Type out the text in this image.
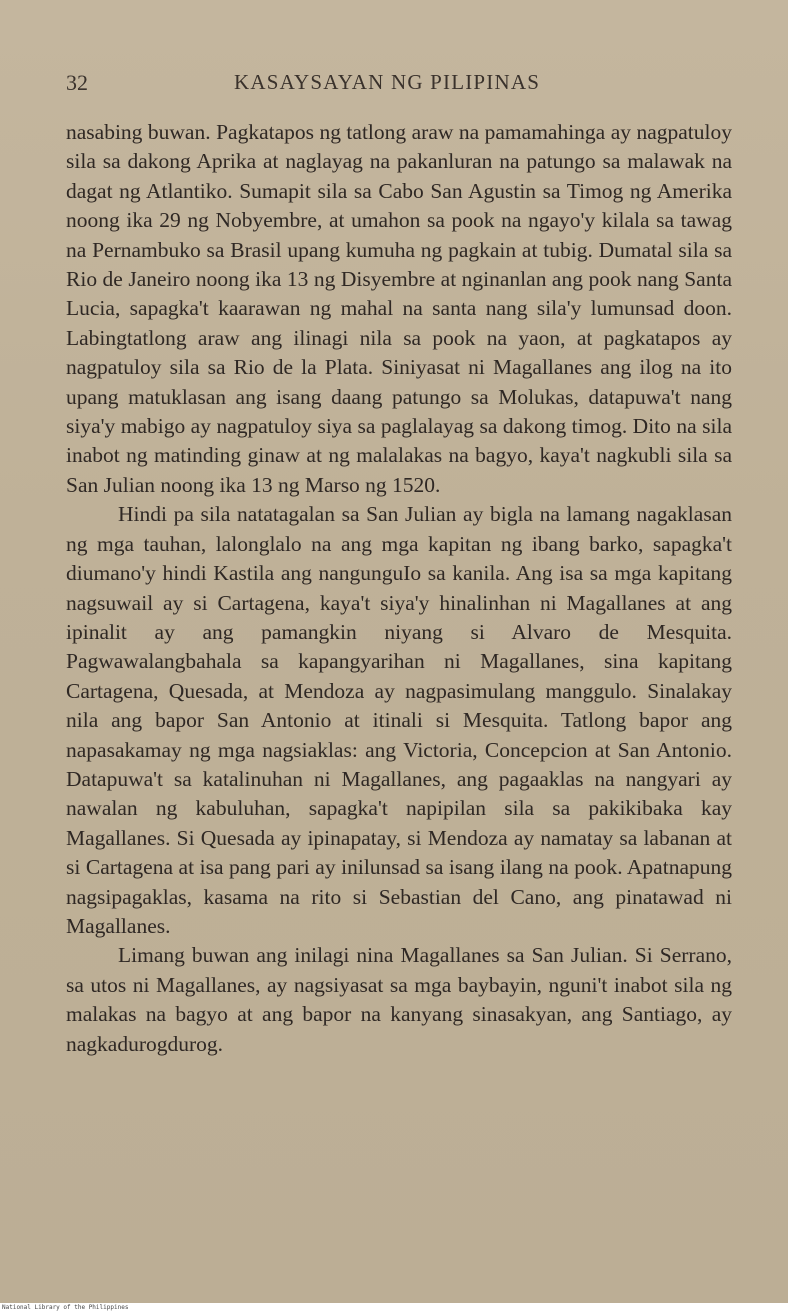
32	KASAYSAYAN NG PILIPINAS

nasabing buwan. Pagkatapos ng tatlong araw na pamamahinga ay nagpatuloy sila sa dakong Aprika at naglayag na pakanluran na patungo sa malawak na dagat ng Atlantiko. Sumapit sila sa Cabo San Agustin sa Timog ng Amerika noong ika 29 ng Nobyembre, at umahon sa pook na ngayo'y kilala sa tawag na Pernambuko sa Brasil upang kumuha ng pagkain at tubig. Dumatal sila sa Rio de Janeiro noong ika 13 ng Disyembre at nginanlan ang pook nang Santa Lucia, sapagka't kaarawan ng mahal na santa nang sila'y lumunsad doon. Labingtatlong araw ang ilinagi nila sa pook na yaon, at pagkatapos ay nagpatuloy sila sa Rio de la Plata. Siniyasat ni Magallanes ang ilog na ito upang matuklasan ang isang daang patungo sa Molukas, datapuwa't nang siya'y mabigo ay nagpatuloy siya sa paglalayag sa dakong timog. Dito na sila inabot ng matinding ginaw at ng malalakas na bagyo, kaya't nagkubli sila sa San Julian noong ika 13 ng Marso ng 1520.

Hindi pa sila natatagalan sa San Julian ay bigla na lamang nagaklasan ng mga tauhan, lalonglalo na ang mga kapitan ng ibang barko, sapagka't diumano'y hindi Kastila ang nangunguIo sa kanila. Ang isa sa mga kapitang nagsuwail ay si Cartagena, kaya't siya'y hinalinhan ni Magallanes at ang ipinalit ay ang pamangkin niyang si Alvaro de Mesquita. Pagwawalangbahala sa kapangyarihan ni Magallanes, sina kapitang Cartagena, Quesada, at Mendoza ay nagpasimulang manggulo. Sinalakay nila ang bapor San Antonio at itinali si Mesquita. Tatlong bapor ang napasakamay ng mga nagsiaklas: ang Victoria, Concepcion at San Antonio. Datapuwa't sa katalinuhan ni Magallanes, ang pagaaklas na nangyari ay nawalan ng kabuluhan, sapagka't napipilan sila sa pakikibaka kay Magallanes. Si Quesada ay ipinapatay, si Mendoza ay namatay sa labanan at si Cartagena at isa pang pari ay inilunsad sa isang ilang na pook. Apatnapung nagsipagaklas, kasama na rito si Sebastian del Cano, ang pinatawad ni Magallanes.

Limang buwan ang inilagi nina Magallanes sa San Julian. Si Serrano, sa utos ni Magallanes, ay nagsiyasat sa mga baybayin, nguni't inabot sila ng malakas na bagyo at ang bapor na kanyang sinasakyan, ang Santiago, ay nagkadurogdurog.

National Library of the Philippines
